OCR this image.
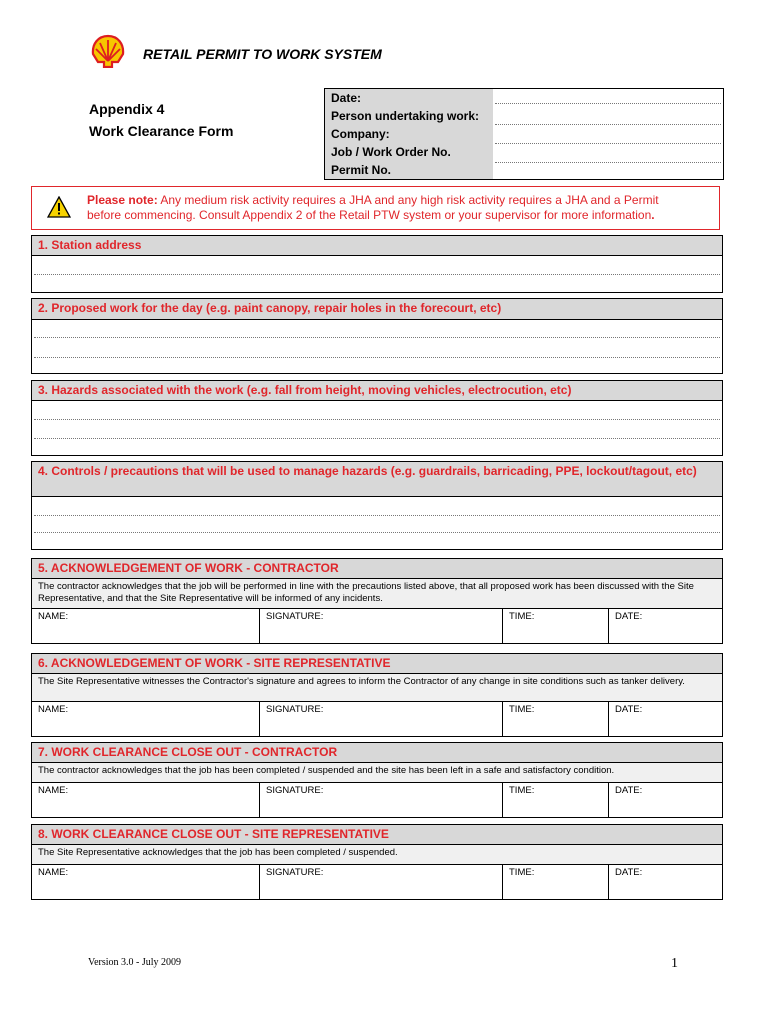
RETAIL PERMIT TO WORK SYSTEM
Appendix 4
Work Clearance Form
Date:
Person undertaking work:
Company:
Job / Work Order No.
Permit No.
Please note: Any medium risk activity requires a JHA and any high risk activity requires a JHA and a Permit
before commencing. Consult Appendix 2 of the Retail PTW system or your supervisor for more information.
1. Station address
2. Proposed work for the day (e.g. paint canopy, repair holes in the forecourt, etc)
3. Hazards associated with the work (e.g. fall from height, moving vehicles, electrocution, etc)
4. Controls / precautions that will be used to manage hazards (e.g. guardrails, barricading, PPE, lockout/tagout, etc)
5. ACKNOWLEDGEMENT OF WORK - CONTRACTOR
The contractor acknowledges that the job will be performed in line with the precautions listed above, that all proposed work has been discussed with the Site Representative, and that the Site Representative will be informed of any incidents.
NAME:	SIGNATURE:	TIME:	DATE:
6. ACKNOWLEDGEMENT OF WORK - SITE REPRESENTATIVE
The Site Representative witnesses the Contractor's signature and agrees to inform the Contractor of any change in site conditions such as tanker delivery.
NAME:	SIGNATURE:	TIME:	DATE:
7. WORK CLEARANCE CLOSE OUT - CONTRACTOR
The contractor acknowledges that the job has been completed / suspended and the site has been left in a safe and satisfactory condition.
NAME:	SIGNATURE:	TIME:	DATE:
8. WORK CLEARANCE CLOSE OUT - SITE REPRESENTATIVE
The Site Representative acknowledges that the job has been completed / suspended.
NAME:	SIGNATURE:	TIME:	DATE:
Version 3.0 - July 2009	1
